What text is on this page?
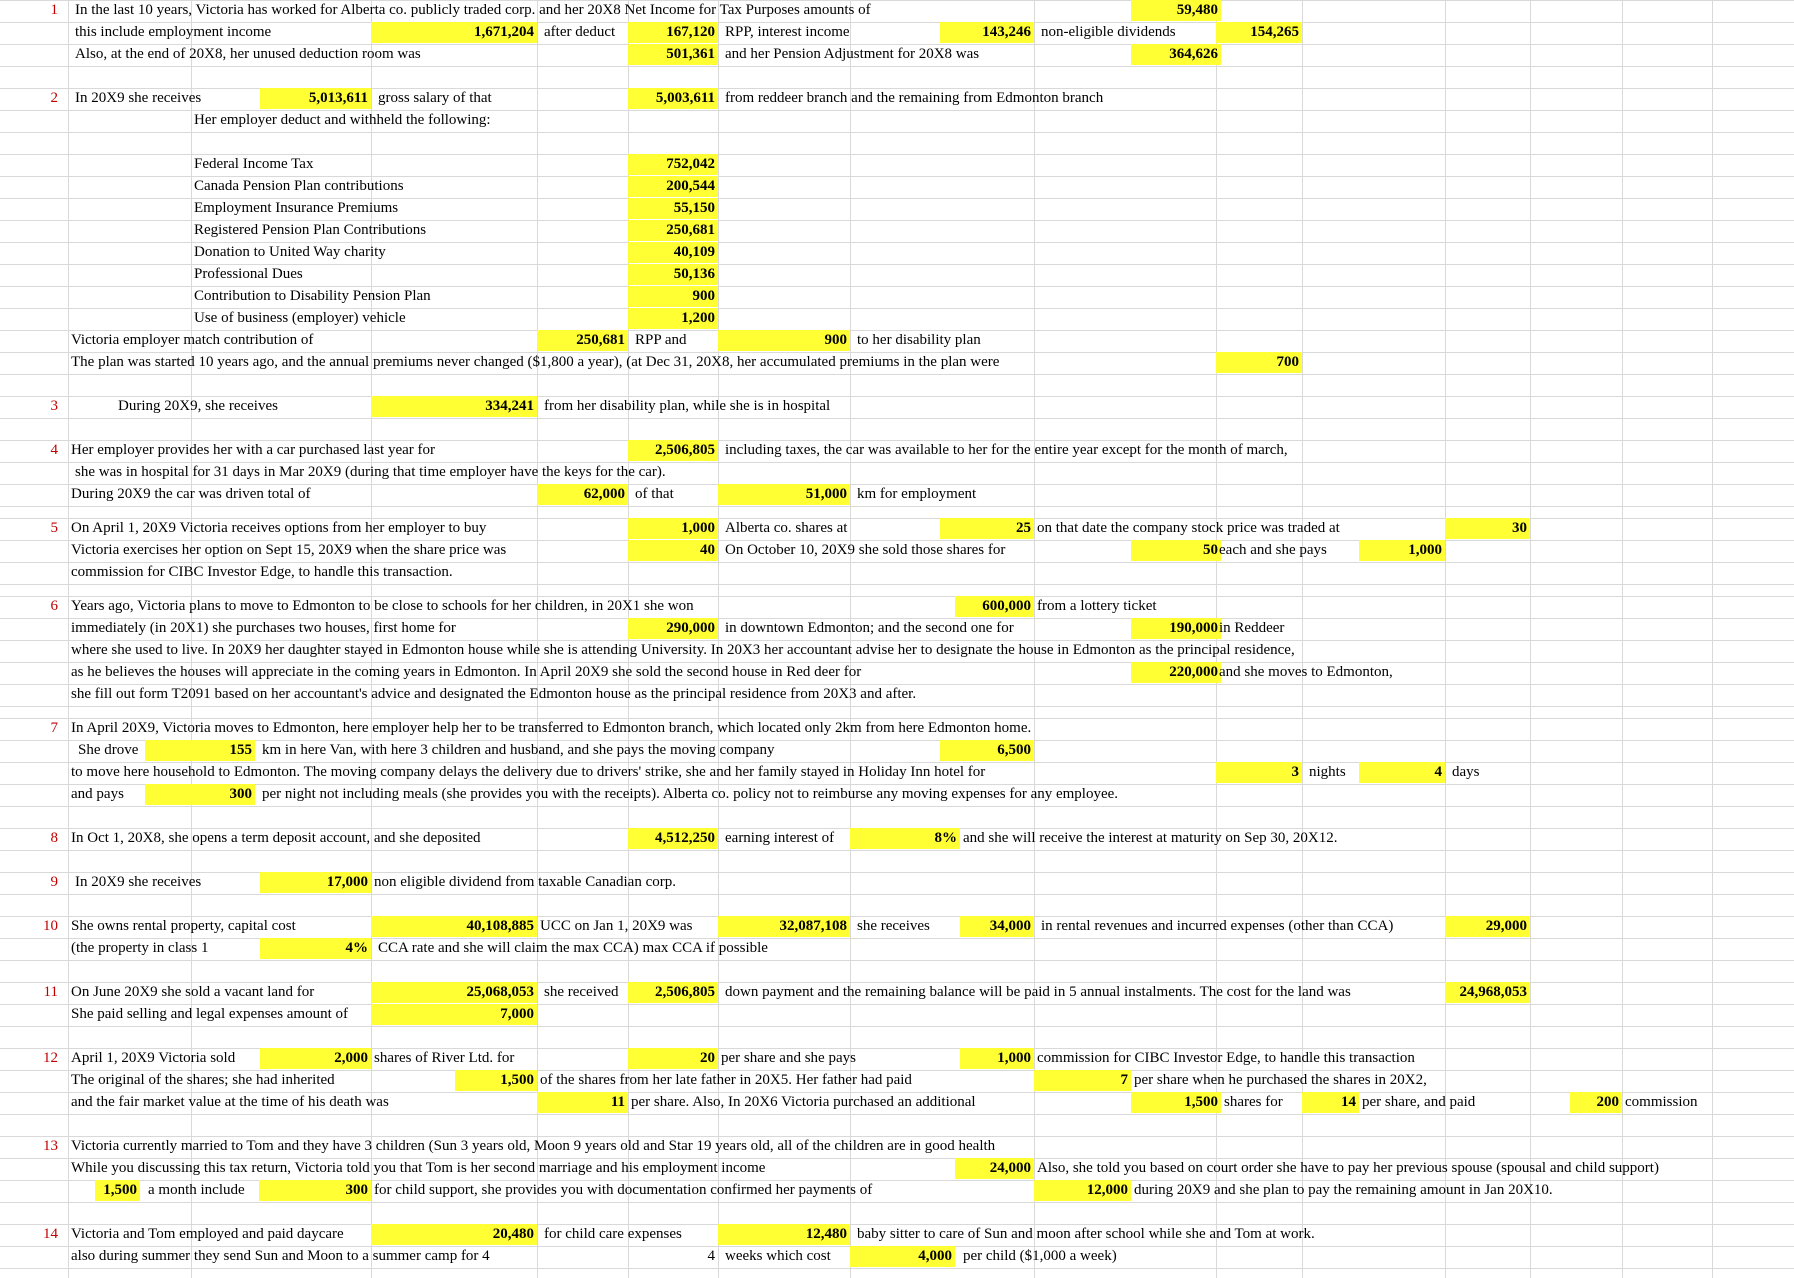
1 In the last 10 years, Victoria has worked for Alberta co. publicly traded corp. and her 20X8 Net Income for Tax Purposes amounts of	59,480
this include employment income	1,671,204 after deduct	167,120 RPP, interest income	143,246 non-eligible dividends	154,265
Also, at the end of 20X8, her unused deduction room was	501,361 and her Pension Adjustment for 20X8 was	364,626
2 In 20X9 she receives	5,013,611 gross salary of that	5,003,611 from reddeer branch and the remaining from Edmonton branch
Her employer deduct and withheld the following:
Federal Income Tax	752,042
Canada Pension Plan contributions	200,544
Employment Insurance Premiums	55,150
Registered Pension Plan Contributions	250,681
Donation to United Way charity	40,109
Professional Dues	50,136
Contribution to Disability Pension Plan	900
Use of business (employer) vehicle	1,200
Victoria employer match contribution of	250,681 RPP and	900 to her disability plan
The plan was started 10 years ago, and the annual premiums never changed ($1,800 a year), (at Dec 31, 20X8, her accumulated premiums in the plan were	700
3	During 20X9, she receives	334,241 from her disability plan, while she is in hospital
4 Her employer provides her with a car purchased last year for	2,506,805 including taxes, the car was available to her for the entire year except for the month of march,
she was in hospital for 31 days in Mar 20X9 (during that time employer have the keys for the car).
During 20X9 the car was driven total of	62,000 of that	51,000 km for employment
5 On April 1, 20X9 Victoria receives options from her employer to buy	1,000 Alberta co. shares at	25 on that date the company stock price was traded at	30
Victoria exercises her option on Sept 15, 20X9 when the share price was	40 On October 10, 20X9 she sold those shares for	50 each and she pays	1,000
commission for CIBC Investor Edge, to handle this transaction.
6 Years ago, Victoria plans to move to Edmonton to be close to schools for her children, in 20X1 she won	600,000 from a lottery ticket
immediately (in 20X1) she purchases two houses, first home for	290,000 in downtown Edmonton; and the second one for	190,000 in Reddeer
where she used to live. In 20X9 her daughter stayed in Edmonton house while she is attending University. In 20X3 her accountant advise her to designate the house in Edmonton as the principal residence,
as he believes the houses will appreciate in the coming years in Edmonton. In April 20X9 she sold the second house in Red deer for	220,000 and she moves to Edmonton,
she fill out form T2091 based on her accountant's advice and designated the Edmonton house as the principal residence from 20X3 and after.
7 In April 20X9, Victoria moves to Edmonton, here employer help her to be transferred to Edmonton branch, which located only 2km from here Edmonton home.
She drove	155 km in here Van, with here 3 children and husband, and she pays the moving company	6,500
to move here household to Edmonton. The moving company delays the delivery due to drivers' strike, she and her family stayed in Holiday Inn hotel for	3 nights	4 days
and pays	300 per night not including meals (she provides you with the receipts). Alberta co. policy not to reimburse any moving expenses for any employee.
8 In Oct 1, 20X8, she opens a term deposit account, and she deposited	4,512,250 earning interest of	8% and she will receive the interest at maturity on Sep 30, 20X12.
9 In 20X9 she receives	17,000 non eligible dividend from taxable Canadian corp.
10 She owns rental property, capital cost	40,108,885 UCC on Jan 1, 20X9 was	32,087,108 she receives	34,000 in rental revenues and incurred expenses (other than CCA)	29,000
(the property in class 1	4% CCA rate and she will claim the max CCA) max CCA if possible
11 On June 20X9 she sold a vacant land for	25,068,053 she received	2,506,805 down payment and the remaining balance will be paid in 5 annual instalments. The cost for the land was	24,968,053
She paid selling and legal expenses amount of	7,000
12 April 1, 20X9 Victoria sold	2,000 shares of River Ltd. for	20 per share and she pays	1,000 commission for CIBC Investor Edge, to handle this transaction
The original of the shares; she had inherited	1,500 of the shares from her late father in 20X5. Her father had paid	7 per share when he purchased the shares in 20X2,
and the fair market value at the time of his death was	11 per share. Also, In 20X6 Victoria purchased an additional	1,500 shares for	14 per share, and paid	200 commission
13 Victoria currently married to Tom and they have 3 children (Sun 3 years old, Moon 9 years old and Star 19 years old, all of the children are in good health
While you discussing this tax return, Victoria told you that Tom is her second marriage and his employment income	24,000 Also, she told you based on court order she have to pay her previous spouse (spousal and child support)
1,500 a month include	300 for child support, she provides you with documentation confirmed her payments of	12,000 during 20X9 and she plan to pay the remaining amount in Jan 20X10.
14 Victoria and Tom employed and paid daycare	20,480 for child care expenses	12,480 baby sitter to care of Sun and moon after school while she and Tom at work.
also during summer they send Sun and Moon to a summer camp for 4	4 weeks which cost	4,000 per child ($1,000 a week)
